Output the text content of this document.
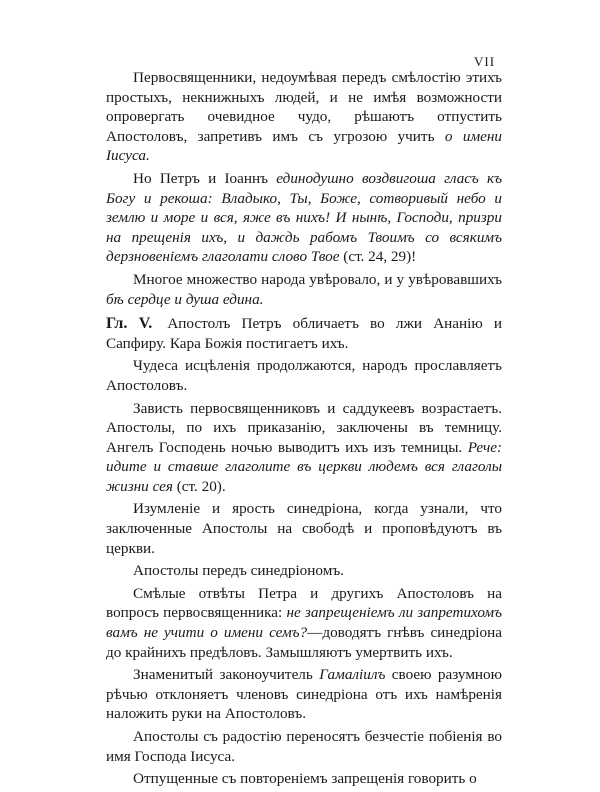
VII

Первосвященники, недоумѣвая передъ смѣлостію этихъ простыхъ, некнижныхъ людей, и не имѣя возможности опровергать очевидное чудо, рѣшаютъ отпустить Апостоловъ, запретивъ имъ съ угрозою учить о имени Іисуса.

Но Петръ и Іоаннъ единодушно воздвигоша гласъ къ Богу и рекоша: Владыко, Ты, Боже, сотворивый небо и землю и море и вся, яже въ нихъ! И нынѣ, Господи, призри на прещенія ихъ, и даждь рабомъ Твоимъ со всякимъ дерзновеніемъ глаголати слово Твое (ст. 24, 29)!

Многое множество народа увѣровало, и у увѣровавшихъ бѣ сердце и душа едина.

Гл. V. Апостолъ Петръ обличаетъ во лжи Ананію и Сапфиру. Кара Божія постигаетъ ихъ.

Чудеса исцѣленія продолжаются, народъ прославляетъ Апостоловъ.

Зависть первосвященниковъ и саддукеевъ возрастаетъ. Апостолы, по ихъ приказанію, заключены въ темницу. Ангелъ Господень ночью выводитъ ихъ изъ темницы. Рече: идите и ставше глаголите въ церкви людемъ вся глаголы жизни сея (ст. 20).

Изумленіе и ярость синедріона, когда узнали, что заключенные Апостолы на свободѣ и проповѣдуютъ въ церкви.

Апостолы передъ синедріономъ.

Смѣлые отвѣты Петра и другихъ Апостоловъ на вопросъ первосвященника: не запрещеніемъ ли запретихомъ вамъ не учити о имени семъ?—доводятъ гнѣвъ синедріона до крайнихъ предѣловъ. Замышляютъ умертвить ихъ.

Знаменитый законоучитель Гамаліилъ своею разумною рѣчью отклоняетъ членовъ синедріона отъ ихъ намѣренія наложить руки на Апостоловъ.

Апостолы съ радостію переносятъ безчестіе побіенія во имя Господа Іисуса.

Отпущенные съ повтореніемъ запрещенія говорить о
